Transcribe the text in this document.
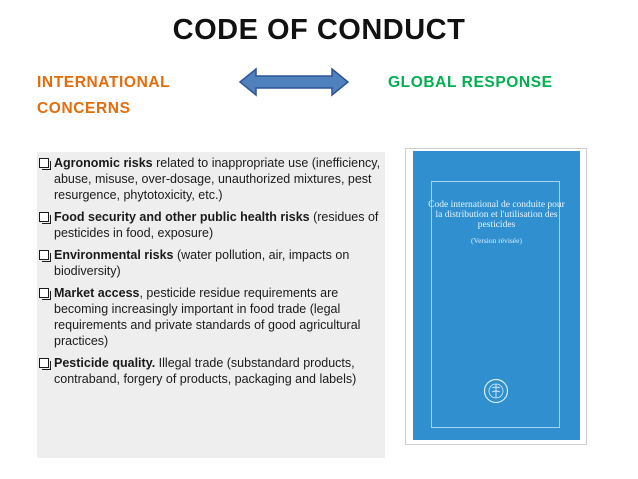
CODE OF CONDUCT
INTERNATIONAL
CONCERNS
GLOBAL RESPONSE
Agronomic risks related to inappropriate use (inefficiency, abuse, misuse, over-dosage, unauthorized mixtures, pest resurgence, phytotoxicity, etc.)
Food security and other public health risks (residues of pesticides in food, exposure)
Environmental risks (water pollution, air, impacts on biodiversity)
Market access, pesticide residue requirements are becoming increasingly important in food trade (legal requirements and private standards of good agricultural practices)
Pesticide quality. Illegal trade (substandard products, contraband, forgery of products, packaging and labels)
Code international de conduite pour la distribution et l'utilisation des pesticides
(Version révisée)
